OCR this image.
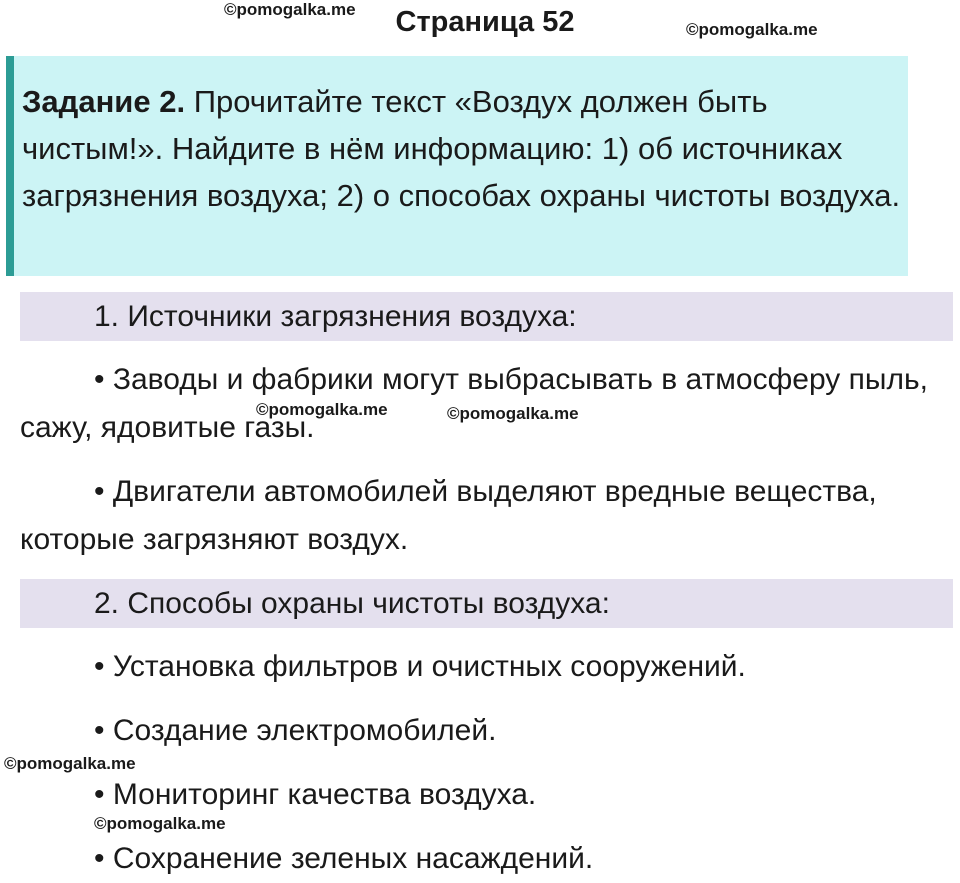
Страница 52
©pomogalka.me
©pomogalka.me

Задание 2. Прочитайте текст «Воздух должен быть чистым!». Найдите в нём информацию: 1) об источниках загрязнения воздуха; 2) о способах охраны чистоты воздуха.

1. Источники загрязнения воздуха:

• Заводы и фабрики могут выбрасывать в атмосферу пыль, сажу, ядовитые газы.

©pomogalka.me	©pomogalka.me

• Двигатели автомобилей выделяют вредные вещества, которые загрязняют воздух.

2. Способы охраны чистоты воздуха:

• Установка фильтров и очистных сооружений.

• Создание электромобилей.

©pomogalka.me

• Мониторинг качества воздуха.

©pomogalka.me

• Сохранение зеленых насаждений.
